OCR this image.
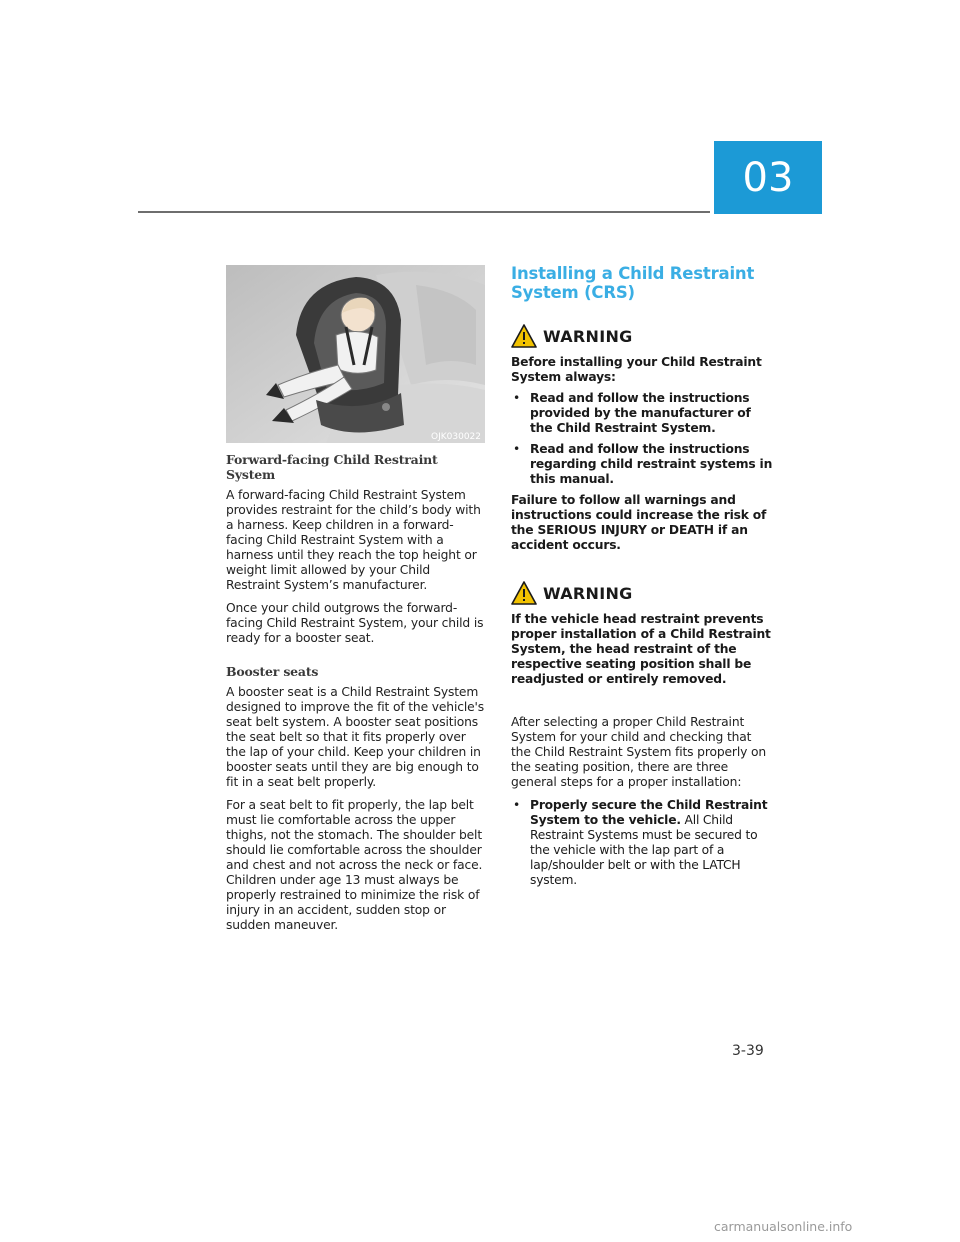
03
OJK030022
Forward-facing Child Restraint System

A forward-facing Child Restraint System provides restraint for the child’s body with a harness. Keep children in a forward-facing Child Restraint System with a harness until they reach the top height or weight limit allowed by your Child Restraint System’s manufacturer.

Once your child outgrows the forward-facing Child Restraint System, your child is ready for a booster seat.

Booster seats

A booster seat is a Child Restraint System designed to improve the fit of the vehicle's seat belt system. A booster seat positions the seat belt so that it fits properly over the lap of your child. Keep your children in booster seats until they are big enough to fit in a seat belt properly.

For a seat belt to fit properly, the lap belt must lie comfortable across the upper thighs, not the stomach. The shoulder belt should lie comfortable across the shoulder and chest and not across the neck or face. Children under age 13 must always be properly restrained to minimize the risk of injury in an accident, sudden stop or sudden maneuver.

Installing a Child Restraint System (CRS)
WARNING

Before installing your Child Restraint System always:

• Read and follow the instructions provided by the manufacturer of the Child Restraint System.
• Read and follow the instructions regarding child restraint systems in this manual.

Failure to follow all warnings and instructions could increase the risk of the SERIOUS INJURY or DEATH if an accident occurs.

WARNING

If the vehicle head restraint prevents proper installation of a Child Restraint System, the head restraint of the respective seating position shall be readjusted or entirely removed.

After selecting a proper Child Restraint System for your child and checking that the Child Restraint System fits properly on the seating position, there are three general steps for a proper installation:

• Properly secure the Child Restraint System to the vehicle. All Child Restraint Systems must be secured to the vehicle with the lap part of a lap/shoulder belt or with the LATCH system.
3-39
carmanualsonline.info
